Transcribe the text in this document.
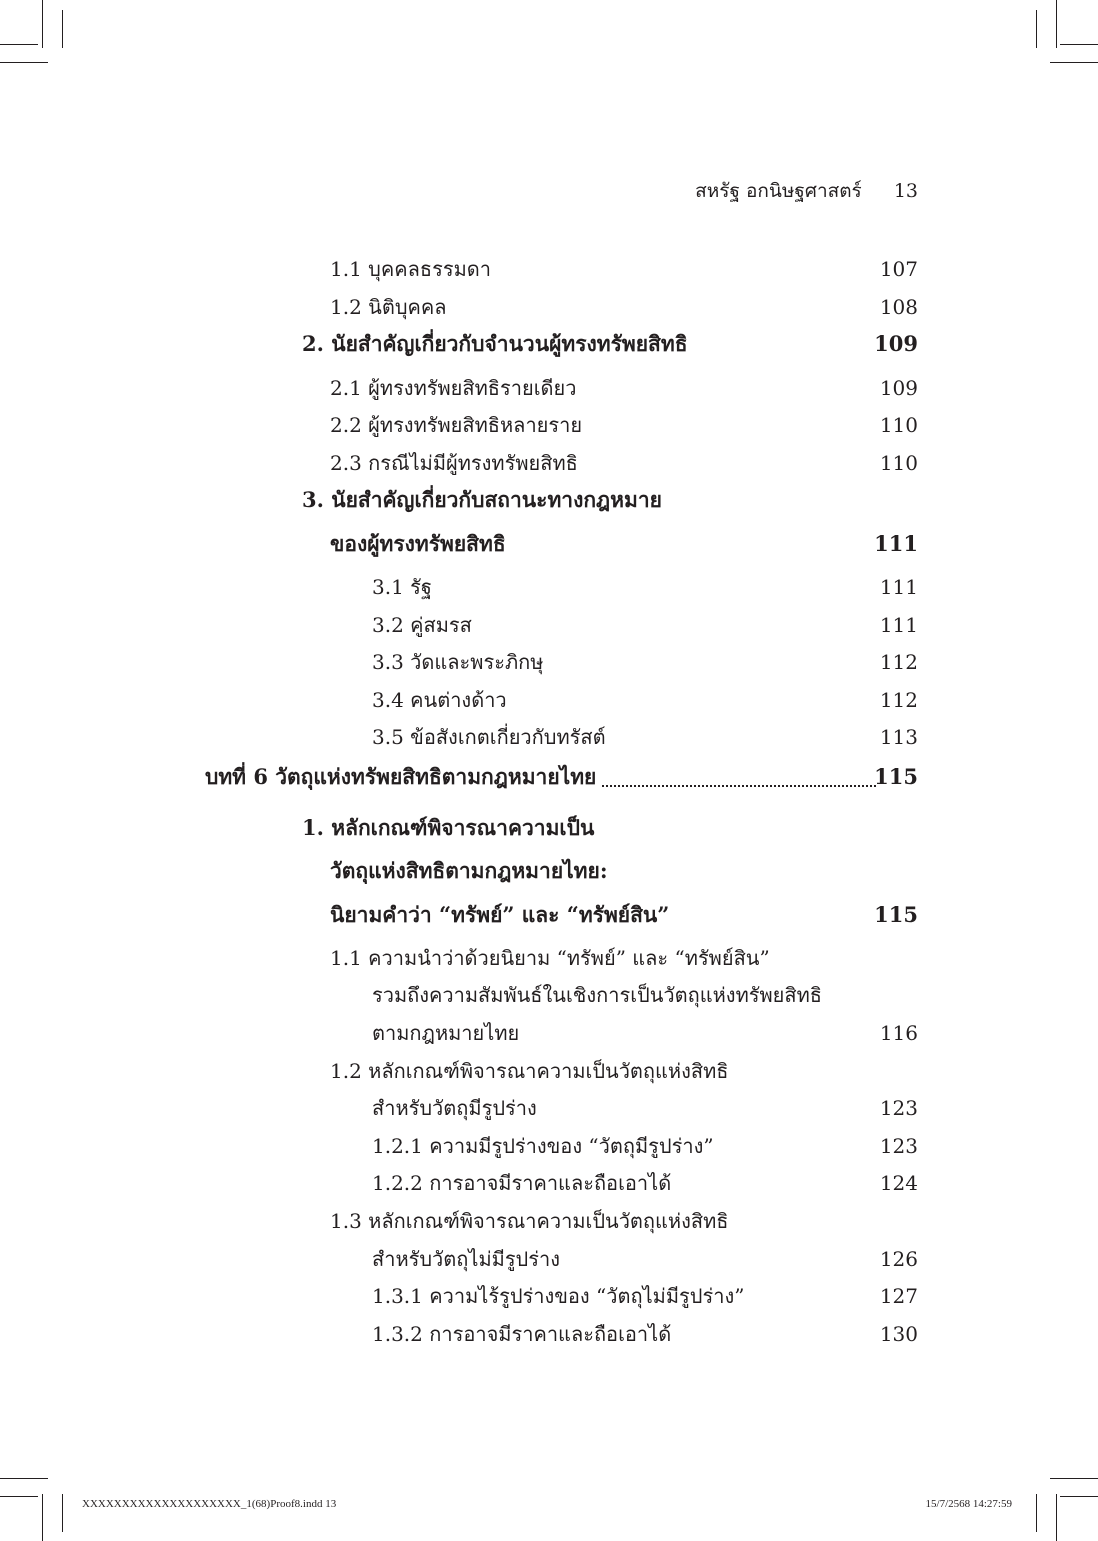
สหรัฐ อกนิษฐศาสตร์ 13
1.1 บุคคลธรรมดา	107
1.2 นิติบุคคล	108
2. นัยสำคัญเกี่ยวกับจำนวนผู้ทรงทรัพยสิทธิ	109
2.1 ผู้ทรงทรัพยสิทธิรายเดียว	109
2.2 ผู้ทรงทรัพยสิทธิหลายราย	110
2.3 กรณีไม่มีผู้ทรงทรัพยสิทธิ	110
3. นัยสำคัญเกี่ยวกับสถานะทางกฎหมาย
ของผู้ทรงทรัพยสิทธิ	111
3.1 รัฐ	111
3.2 คู่สมรส	111
3.3 วัดและพระภิกษุ	112
3.4 คนต่างด้าว	112
3.5 ข้อสังเกตเกี่ยวกับทรัสต์	113
บทที่ 6 วัตถุแห่งทรัพยสิทธิตามกฎหมายไทย	115
1. หลักเกณฑ์พิจารณาความเป็น
วัตถุแห่งสิทธิตามกฎหมายไทย:
นิยามคำว่า “ทรัพย์” และ “ทรัพย์สิน”	115
1.1 ความนำว่าด้วยนิยาม “ทรัพย์” และ “ทรัพย์สิน”
รวมถึงความสัมพันธ์ในเชิงการเป็นวัตถุแห่งทรัพยสิทธิ
ตามกฎหมายไทย	116
1.2 หลักเกณฑ์พิจารณาความเป็นวัตถุแห่งสิทธิ
สำหรับวัตถุมีรูปร่าง	123
1.2.1 ความมีรูปร่างของ “วัตถุมีรูปร่าง”	123
1.2.2 การอาจมีราคาและถือเอาได้	124
1.3 หลักเกณฑ์พิจารณาความเป็นวัตถุแห่งสิทธิ
สำหรับวัตถุไม่มีรูปร่าง	126
1.3.1 ความไร้รูปร่างของ “วัตถุไม่มีรูปร่าง”	127
1.3.2 การอาจมีราคาและถือเอาได้	130
XXXXXXXXXXXXXXXXXXXX_1(68)Proof8.indd 13	15/7/2568 14:27:59
